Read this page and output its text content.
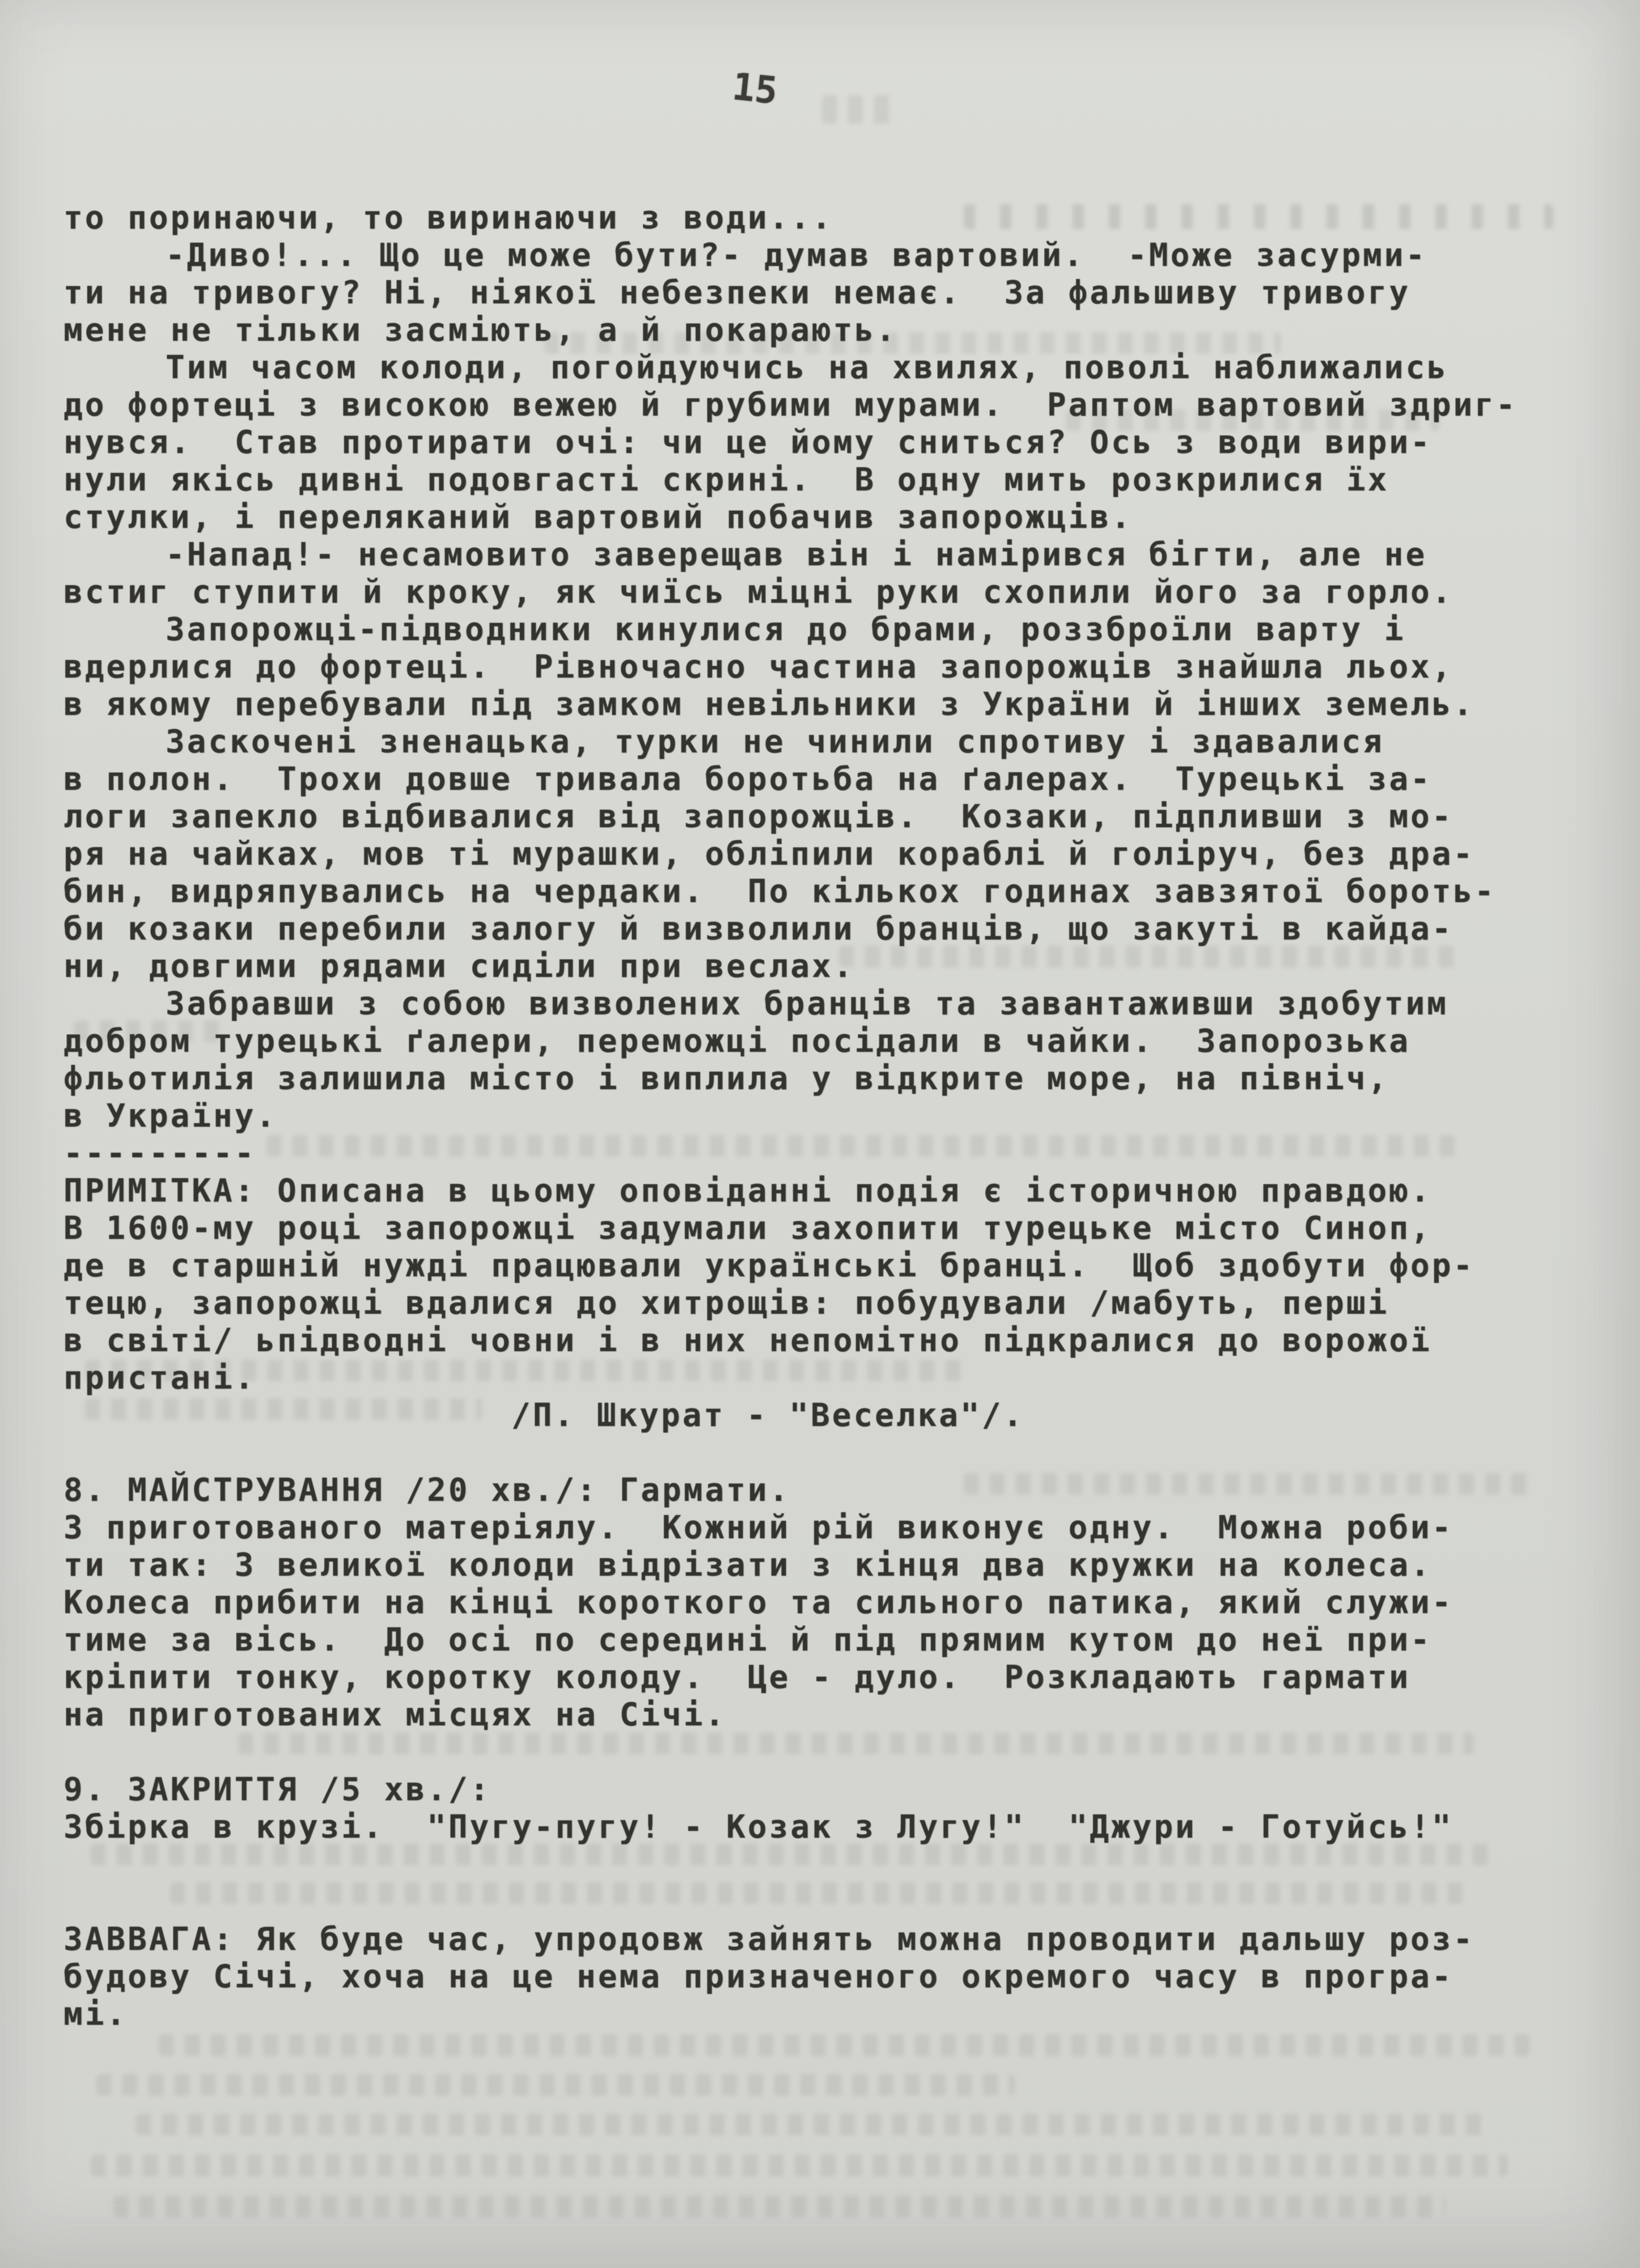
15
то поринаючи, то виринаючи з води...
-Диво!... Що це може бути?- думав вартовий.  -Може засурми-
ти на тривогу? Ні, ніякої небезпеки немає.  За фальшиву тривогу
мене не тільки засміють, а й покарають.
Тим часом колоди, погойдуючись на хвилях, поволі наближались
до фортеці з високою вежею й грубими мурами.  Раптом вартовий здриг-
нувся.  Став протирати очі: чи це йому сниться? Ось з води вири-
нули якісь дивні подовгасті скрині.  В одну мить розкрилися їх
стулки, і переляканий вартовий побачив запорожців.
-Напад!- несамовито заверещав він і намірився бігти, але не
встиг ступити й кроку, як чиїсь міцні руки схопили його за горло.
Запорожці-підводники кинулися до брами, роззброїли варту і
вдерлися до фортеці.  Рівночасно частина запорожців знайшла льох,
в якому перебували під замком невільники з України й інших земель.
Заскочені зненацька, турки не чинили спротиву і здавалися
в полон.  Трохи довше тривала боротьба на ґалерах.  Турецькі за-
логи запекло відбивалися від запорожців.  Козаки, підпливши з мо-
ря на чайках, мов ті мурашки, обліпили кораблі й голіруч, без дра-
бин, видряпувались на чердаки.  По кількох годинах завзятої бороть-
би козаки перебили залогу й визволили бранців, що закуті в кайда-
ни, довгими рядами сиділи при веслах.
Забравши з собою визволених бранців та завантаживши здобутим
добром турецькі ґалери, переможці посідали в чайки.  Запорозька
фльотилія залишила місто і виплила у відкрите море, на північ,
в Україну.
---------
ПРИМІТКА: Описана в цьому оповіданні подія є історичною правдою.
В 1600-му році запорожці задумали захопити турецьке місто Синоп,
де в старшній нужді працювали українські бранці.  Щоб здобути фор-
тецю, запорожці вдалися до хитрощів: побудували /мабуть, перші
в світі/ ьпідводні човни і в них непомітно підкралися до ворожої
пристані.
/П. Шкурат - "Веселка"/.
8. МАЙСТРУВАННЯ /20 хв./: Гармати.
З приготованого матеріялу.  Кожний рій виконує одну.  Можна роби-
ти так: З великої колоди відрізати з кінця два кружки на колеса.
Колеса прибити на кінці короткого та сильного патика, який служи-
тиме за вісь.  До осі по середині й під прямим кутом до неї при-
кріпити тонку, коротку колоду.  Це - дуло.  Розкладають гармати
на приготованих місцях на Січі.
9. ЗАКРИТТЯ /5 хв./:
Збірка в крузі.  "Пугу-пугу! - Козак з Лугу!"  "Джури - Готуйсь!"
ЗАВВАГА: Як буде час, упродовж зайнять можна проводити дальшу роз-
будову Січі, хоча на це нема призначеного окремого часу в програ-
мі.
